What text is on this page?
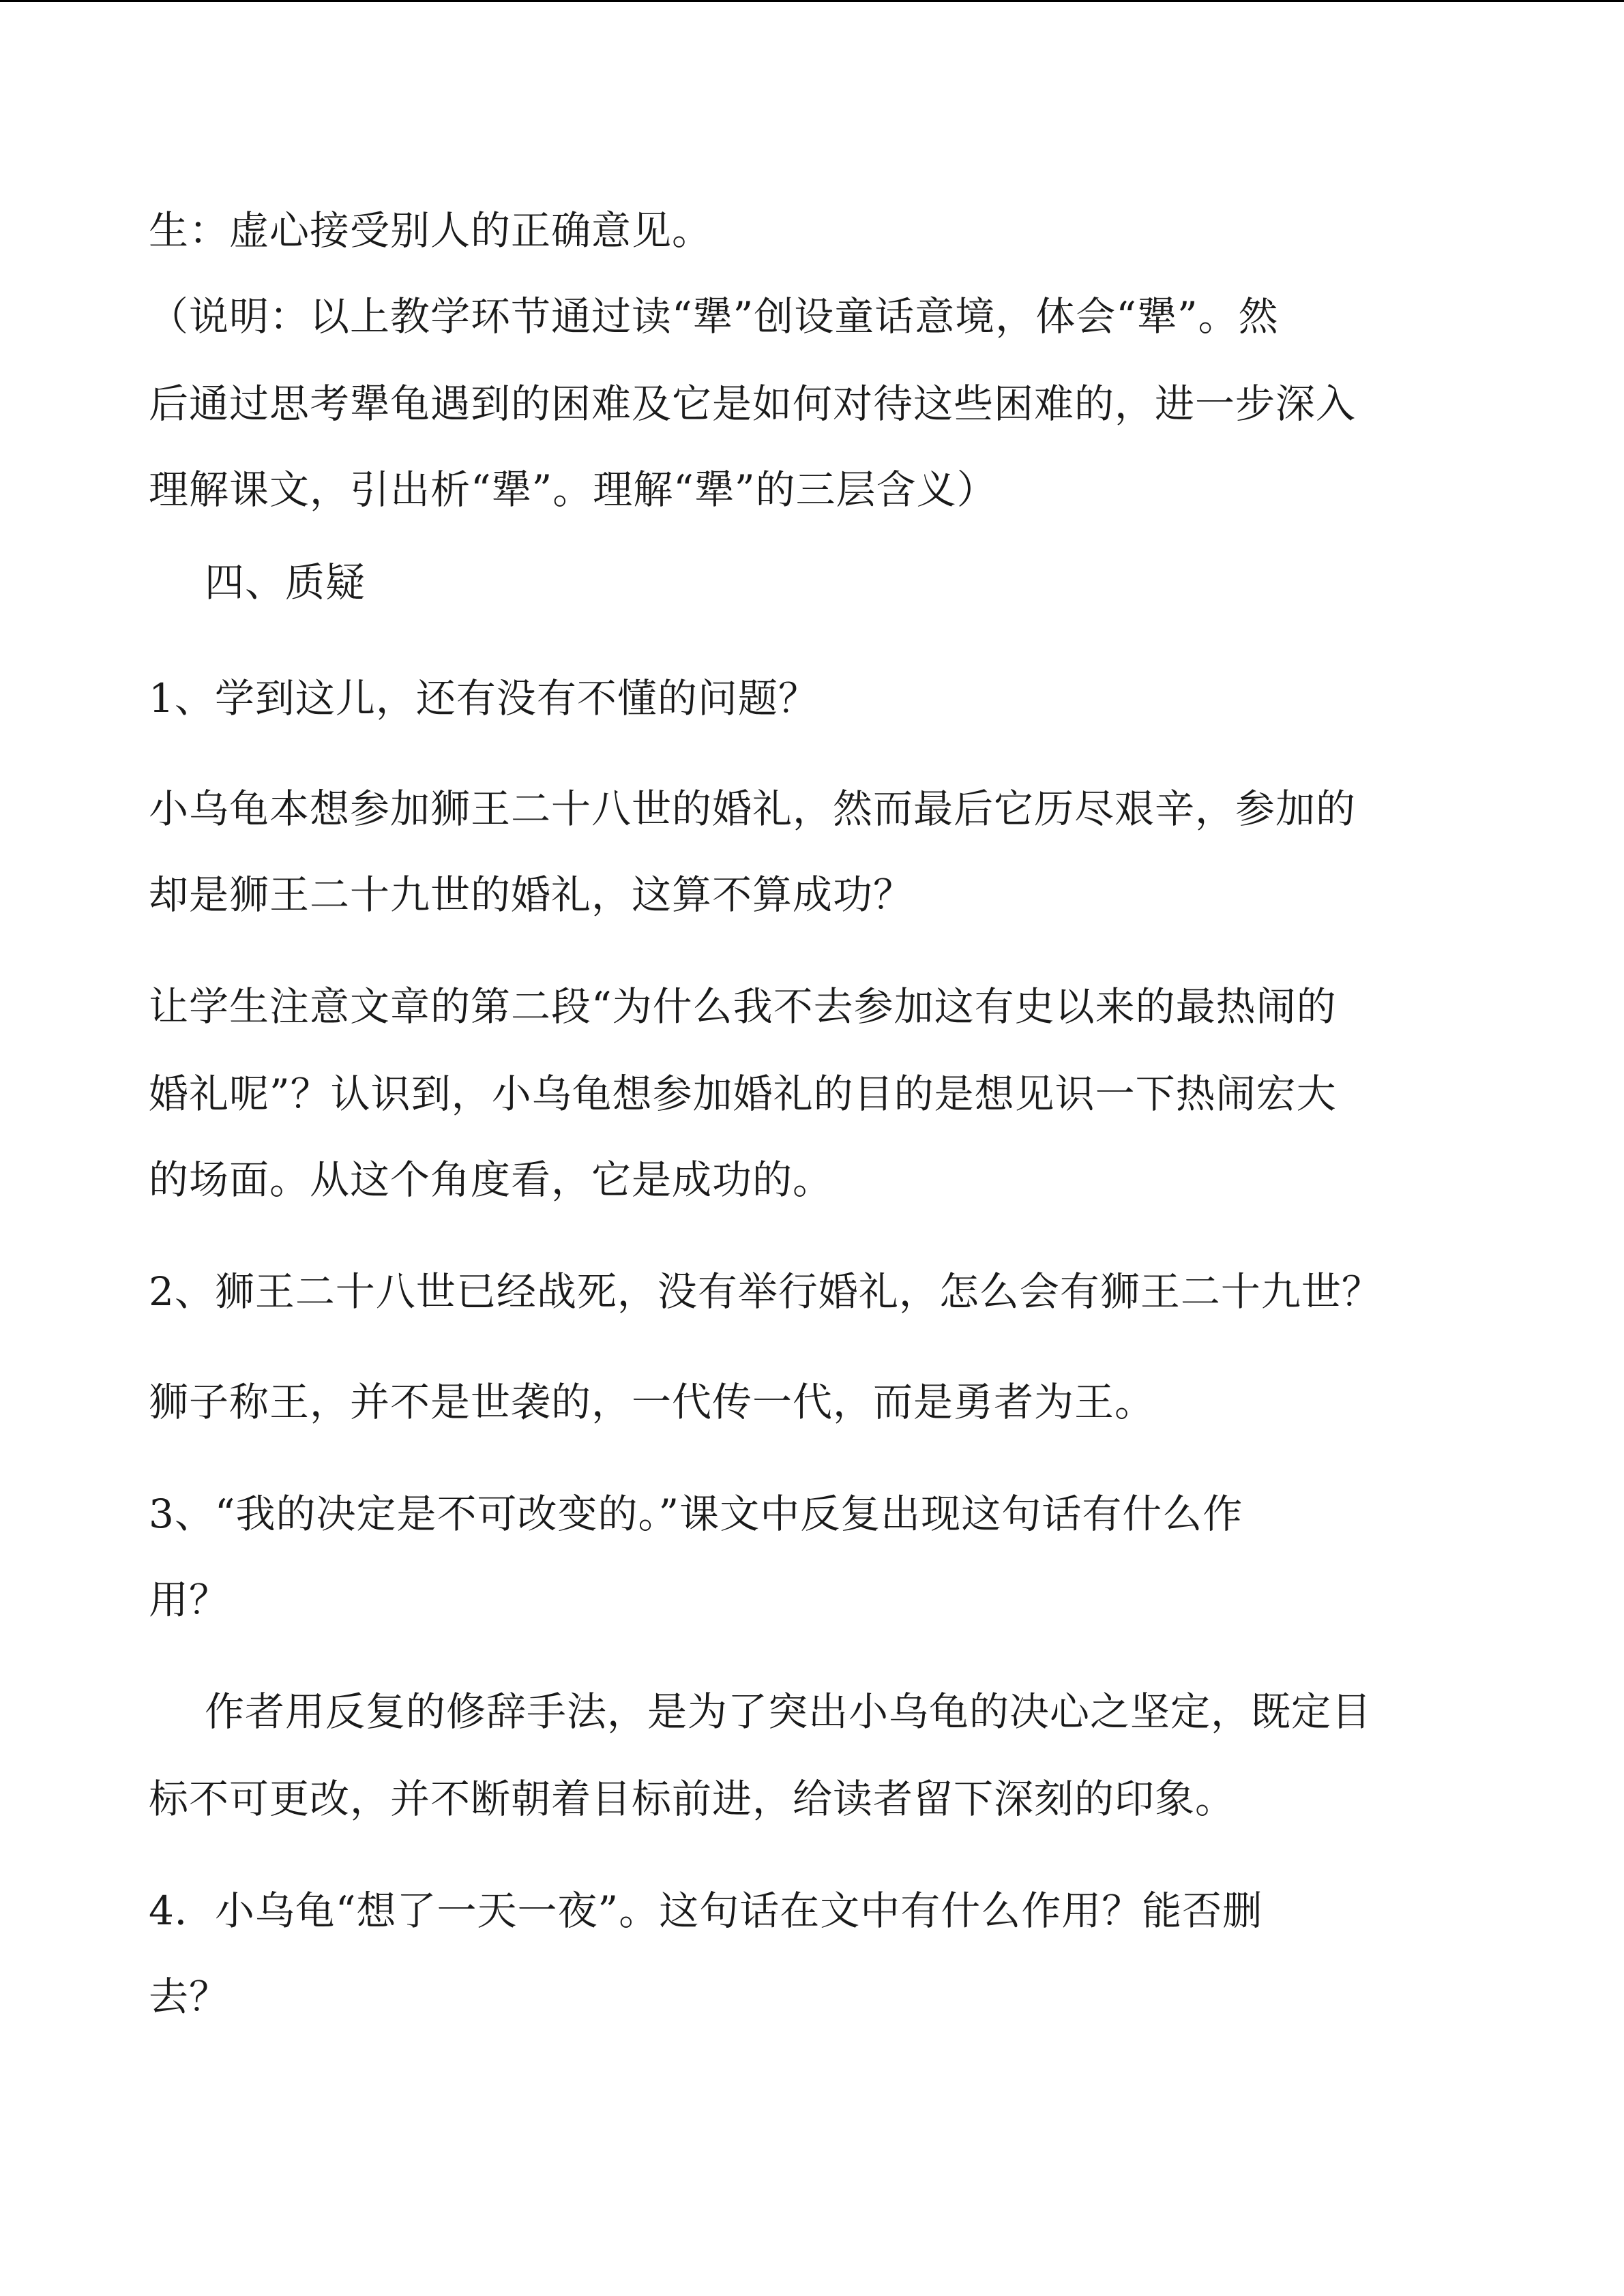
生：虚心接受别人的正确意见。
（说明：以上教学环节通过读“犟”创设童话意境，体会“犟”。然
后通过思考犟龟遇到的困难及它是如何对待这些困难的，进一步深入
理解课文，引出析“犟”。理解“犟”的三层含义）
四、质疑
1、学到这儿，还有没有不懂的问题？
小乌龟本想参加狮王二十八世的婚礼，然而最后它历尽艰辛，参加的
却是狮王二十九世的婚礼，这算不算成功？
让学生注意文章的第二段“为什么我不去参加这有史以来的最热闹的
婚礼呢”？认识到，小乌龟想参加婚礼的目的是想见识一下热闹宏大
的场面。从这个角度看，它是成功的。
2、狮王二十八世已经战死，没有举行婚礼，怎么会有狮王二十九世？
狮子称王，并不是世袭的，一代传一代，而是勇者为王。
3、“我的决定是不可改变的。”课文中反复出现这句话有什么作
用？
作者用反复的修辞手法，是为了突出小乌龟的决心之坚定，既定目
标不可更改，并不断朝着目标前进，给读者留下深刻的印象。
4．小乌龟“想了一天一夜”。这句话在文中有什么作用？能否删
去？
